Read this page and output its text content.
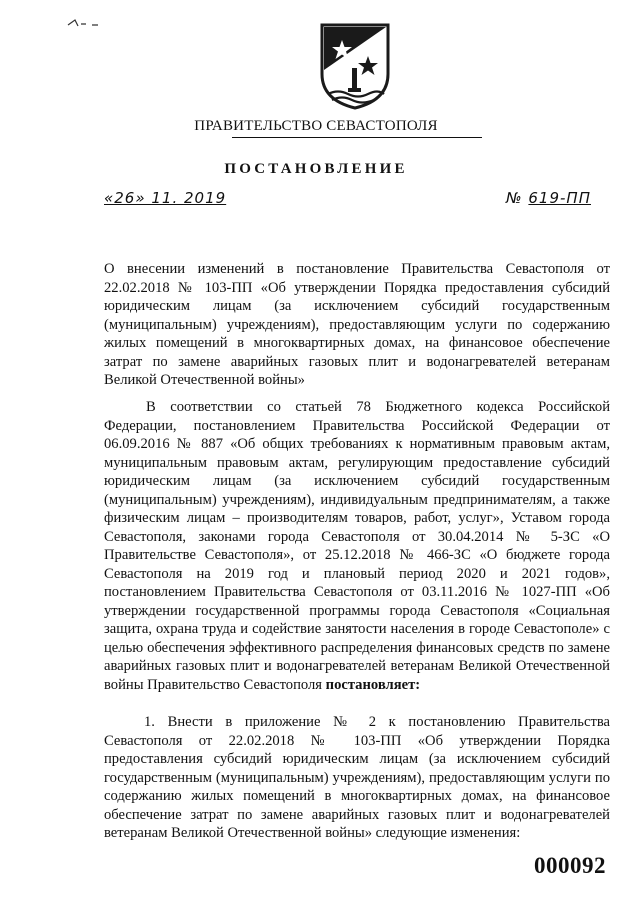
ПРАВИТЕЛЬСТВО СЕВАСТОПОЛЯ
ПОСТАНОВЛЕНИЕ
«26» 11. 2019	№ 619-ПП

О внесении изменений в постановление Правительства Севастополя от 22.02.2018 № 103-ПП «Об утверждении Порядка предоставления субсидий юридическим лицам (за исключением субсидий государственным (муниципальным) учреждениям), предоставляющим услуги по содержанию жилых помещений в многоквартирных домах, на финансовое обеспечение затрат по замене аварийных газовых плит и водонагревателей ветеранам Великой Отечественной войны»

В соответствии со статьей 78 Бюджетного кодекса Российской Федерации, постановлением Правительства Российской Федерации от 06.09.2016 № 887 «Об общих требованиях к нормативным правовым актам, муниципальным правовым актам, регулирующим предоставление субсидий юридическим лицам (за исключением субсидий государственным (муниципальным) учреждениям), индивидуальным предпринимателям, а также физическим лицам – производителям товаров, работ, услуг», Уставом города Севастополя, законами города Севастополя от 30.04.2014 № 5-ЗС «О Правительстве Севастополя», от 25.12.2018 № 466-ЗС «О бюджете города Севастополя на 2019 год и плановый период 2020 и 2021 годов», постановлением Правительства Севастополя от 03.11.2016 № 1027-ПП «Об утверждении государственной программы города Севастополя «Социальная защита, охрана труда и содействие занятости населения в городе Севастополе» с целью обеспечения эффективного распределения финансовых средств по замене аварийных газовых плит и водонагревателей ветеранам Великой Отечественной войны Правительство Севастополя постановляет:

1. Внести в приложение № 2 к постановлению Правительства Севастополя от 22.02.2018 № 103-ПП «Об утверждении Порядка предоставления субсидий юридическим лицам (за исключением субсидий государственным (муниципальным) учреждениям), предоставляющим услуги по содержанию жилых помещений в многоквартирных домах, на финансовое обеспечение затрат по замене аварийных газовых плит и водонагревателей ветеранам Великой Отечественной войны» следующие изменения:

000092
